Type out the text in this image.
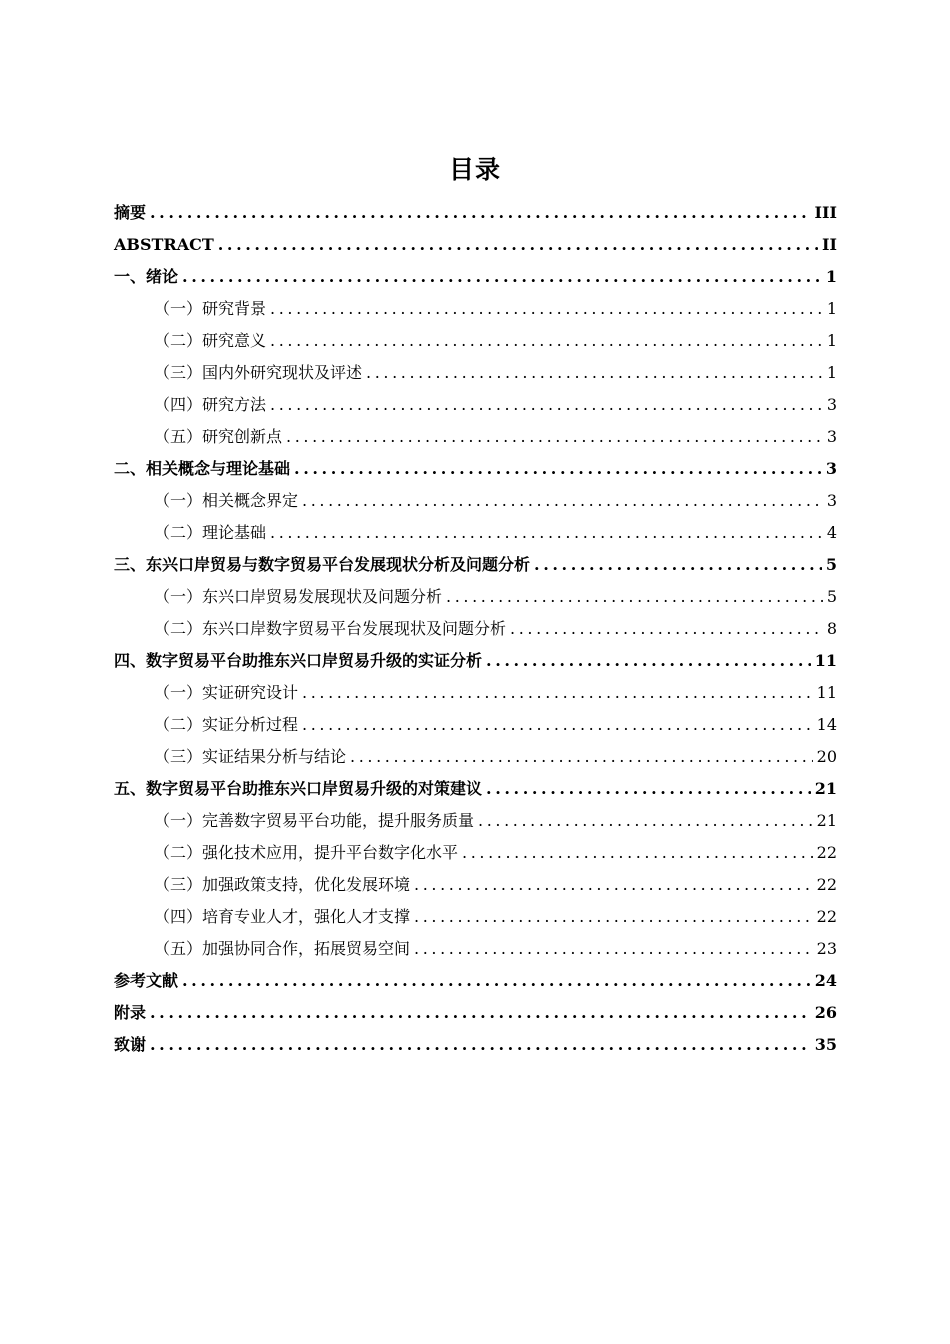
目录
摘要 .....	III
ABSTRACT .....	II
一、 绪论 .....	1
（一） 研究背景 .....	1
（二） 研究意义 .....	1
（三） 国内外研究现状及评述 .....	1
（四） 研究方法 .....	3
（五） 研究创新点 .....	3
二、 相关概念与理论基础 .....	3
（一） 相关概念界定 .....	3
（二） 理论基础 .....	4
三、 东兴口岸贸易与数字贸易平台发展现状分析及问题分析 .....	5
（一） 东兴口岸贸易发展现状及问题分析 .....	5
（二） 东兴口岸数字贸易平台发展现状及问题分析 .....	8
四、 数字贸易平台助推东兴口岸贸易升级的实证分析 .....	11
（一） 实证研究设计 .....	11
（二） 实证分析过程 .....	14
（三） 实证结果分析与结论 .....	20
五、 数字贸易平台助推东兴口岸贸易升级的对策建议 .....	21
（一） 完善数字贸易平台功能，提升服务质量 .....	21
（二） 强化技术应用，提升平台数字化水平 .....	22
（三） 加强政策支持，优化发展环境 .....	22
（四） 培育专业人才，强化人才支撑 .....	22
（五） 加强协同合作，拓展贸易空间 .....	23
参考文献 .....	24
附录 .....	26
致谢 .....	35
